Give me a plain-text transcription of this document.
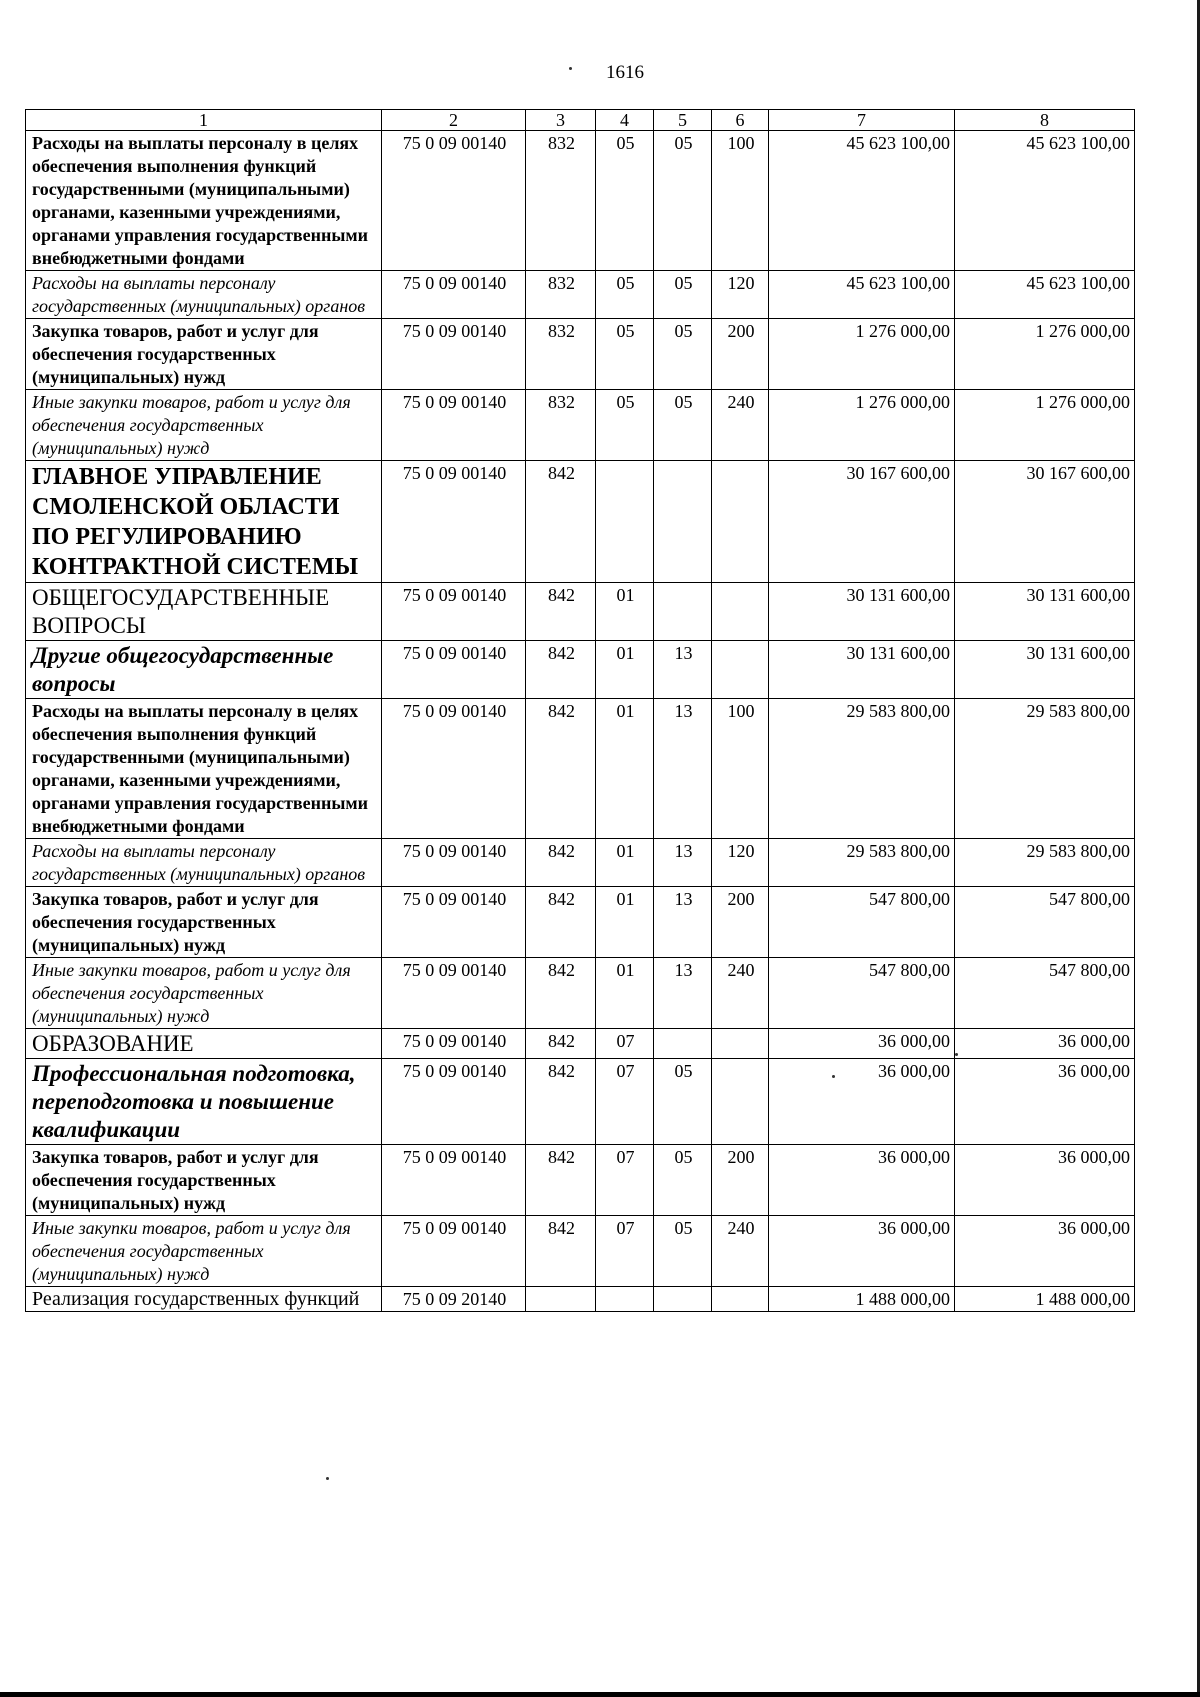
1616
1	2	3	4	5	6	7	8
Расходы на выплаты персоналу в целях обеспечения выполнения функций государственными (муниципальными) органами, казенными учреждениями, органами управления государственными внебюджетными фондами	75 0 09 00140	832	05	05	100	45 623 100,00	45 623 100,00
Расходы на выплаты персоналу государственных (муниципальных) органов	75 0 09 00140	832	05	05	120	45 623 100,00	45 623 100,00
Закупка товаров, работ и услуг для обеспечения государственных (муниципальных) нужд	75 0 09 00140	832	05	05	200	1 276 000,00	1 276 000,00
Иные закупки товаров, работ и услуг для обеспечения государственных (муниципальных) нужд	75 0 09 00140	832	05	05	240	1 276 000,00	1 276 000,00
ГЛАВНОЕ УПРАВЛЕНИЕ СМОЛЕНСКОЙ ОБЛАСТИ ПО РЕГУЛИРОВАНИЮ КОНТРАКТНОЙ СИСТЕМЫ	75 0 09 00140	842				30 167 600,00	30 167 600,00
ОБЩЕГОСУДАРСТВЕННЫЕ ВОПРОСЫ	75 0 09 00140	842	01			30 131 600,00	30 131 600,00
Другие общегосударственные вопросы	75 0 09 00140	842	01	13		30 131 600,00	30 131 600,00
Расходы на выплаты персоналу в целях обеспечения выполнения функций государственными (муниципальными) органами, казенными учреждениями, органами управления государственными внебюджетными фондами	75 0 09 00140	842	01	13	100	29 583 800,00	29 583 800,00
Расходы на выплаты персоналу государственных (муниципальных) органов	75 0 09 00140	842	01	13	120	29 583 800,00	29 583 800,00
Закупка товаров, работ и услуг для обеспечения государственных (муниципальных) нужд	75 0 09 00140	842	01	13	200	547 800,00	547 800,00
Иные закупки товаров, работ и услуг для обеспечения государственных (муниципальных) нужд	75 0 09 00140	842	01	13	240	547 800,00	547 800,00
ОБРАЗОВАНИЕ	75 0 09 00140	842	07			36 000,00	36 000,00
Профессиональная подготовка, переподготовка и повышение квалификации	75 0 09 00140	842	07	05		36 000,00	36 000,00
Закупка товаров, работ и услуг для обеспечения государственных (муниципальных) нужд	75 0 09 00140	842	07	05	200	36 000,00	36 000,00
Иные закупки товаров, работ и услуг для обеспечения государственных (муниципальных) нужд	75 0 09 00140	842	07	05	240	36 000,00	36 000,00
Реализация государственных функций	75 0 09 20140					1 488 000,00	1 488 000,00
